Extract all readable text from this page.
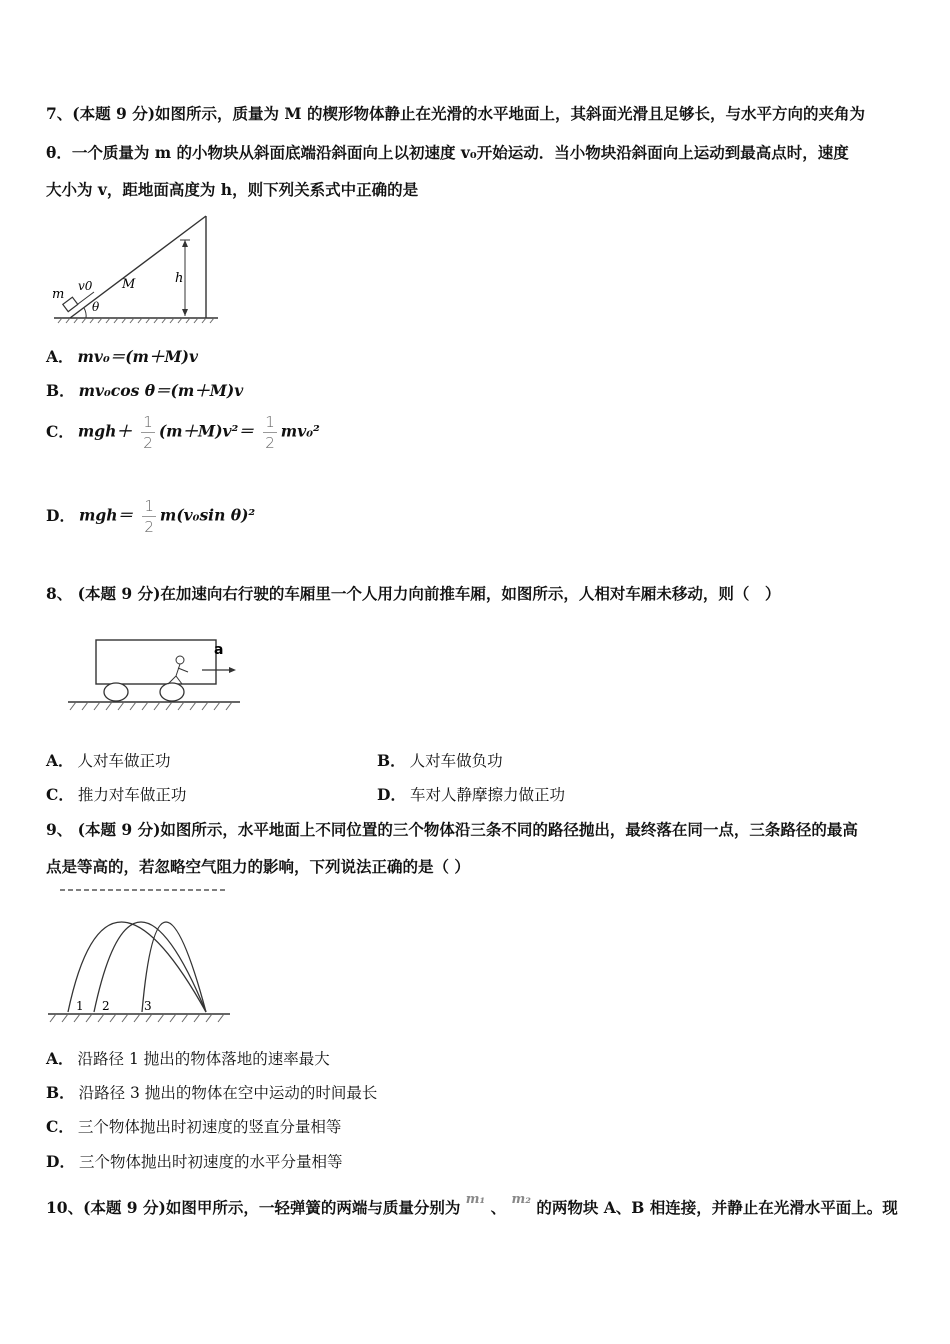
7、(本题 9 分)如图所示，质量为 M 的楔形物体静止在光滑的水平地面上，其斜面光滑且足够长，与水平方向的夹角为
θ．一个质量为 m 的小物块从斜面底端沿斜面向上以初速度 v₀开始运动．当小物块沿斜面向上运动到最高点时，速度
大小为 v，距地面高度为 h，则下列关系式中正确的是
m
v0 M	h
θ
A． mv₀＝(m＋M)v
B． mv₀cos θ＝(m＋M)v
C． $mgh+ \frac{1}{2} (m+M)v^2= \frac{1}{2} mv_0^2$
D． $mgh= \frac{1}{2} m(v_0\sin$ θ)²
8、 (本题 9 分)在加速向右行驶的车厢里一个人用力向前推车厢，如图所示，人相对车厢未移动，则（　）
a
A． 人对车做正功	B． 人对车做负功
C． 推力对车做正功	D． 车对人静摩擦力做正功
9、 (本题 9 分)如图所示，水平地面上不同位置的三个物体沿三条不同的路径抛出，最终落在同一点，三条路径的最高
点是等高的，若忽略空气阻力的影响，下列说法正确的是（ ）
1 2	3
A． 沿路径 1 抛出的物体落地的速率最大
B． 沿路径 3 抛出的物体在空中运动的时间最长
C． 三个物体抛出时初速度的竖直分量相等
D． 三个物体抛出时初速度的水平分量相等
10、(本题 9 分)如图甲所示，一轻弹簧的两端与质量分别为 $^{m_1}$ 、 $^{m_2}$ 的两物块 A、B 相连接，并静止在光滑水平面上。现
